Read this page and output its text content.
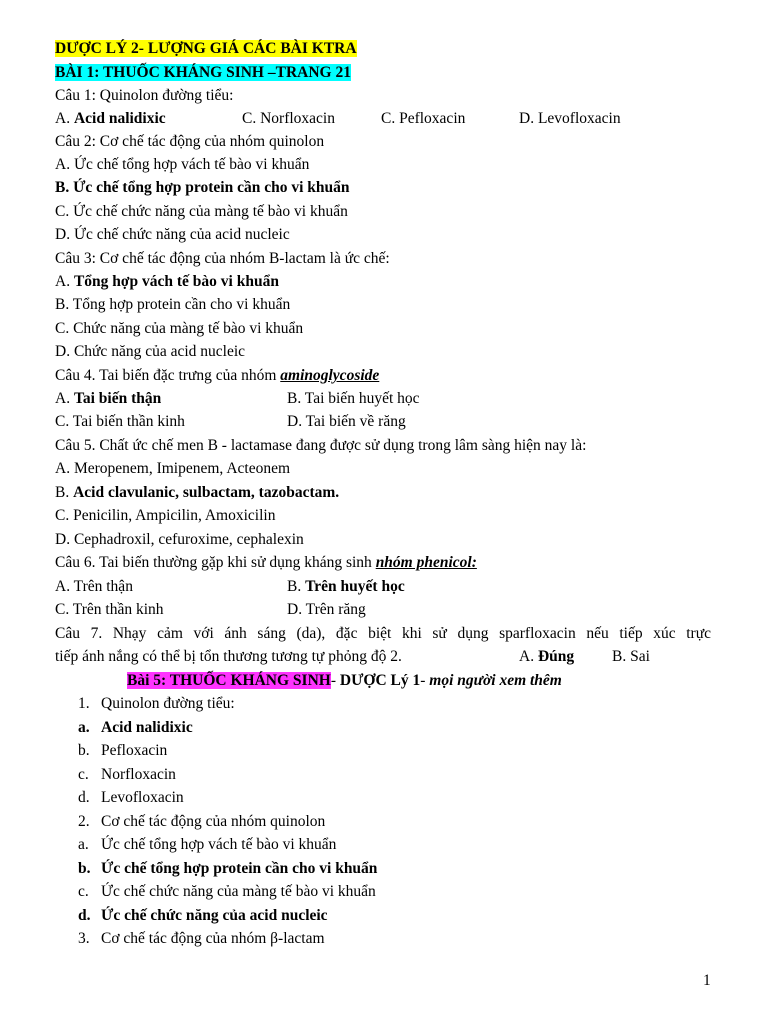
DƯỢC LÝ 2- LƯỢNG GIÁ CÁC BÀI KTRA
BÀI 1: THUỐC KHÁNG SINH –TRANG 21
Câu 1: Quinolon đường tiểu:
A. Acid nalidixic	C. Norfloxacin	C. Pefloxacin	D. Levofloxacin
Câu 2: Cơ chế tác động của nhóm quinolon
A. Ức chế tổng hợp vách tế bào vi khuẩn
B. Ức chế tổng hợp protein cần cho vi khuẩn
C. Ức chế chức năng của màng tế bào vi khuẩn
D. Ức chế chức năng của acid nucleic
Câu 3: Cơ chế tác động của nhóm B-lactam là ức chế:
A. Tổng hợp vách tế bào vi khuẩn
B. Tổng hợp protein cần cho vi khuẩn
C. Chức năng của màng tế bào vi khuẩn
D. Chức năng của acid nucleic
Câu 4. Tai biến đặc trưng của nhóm aminoglycoside
A. Tai biến thận	B. Tai biến huyết học
C. Tai biến thần kinh	D. Tai biến về răng
Câu 5. Chất ức chế men B - lactamase đang được sử dụng trong lâm sàng hiện nay là:
A. Meropenem, Imipenem, Acteonem
B. Acid clavulanic, sulbactam, tazobactam.
C. Penicilin, Ampicilin, Amoxicilin
D. Cephadroxil, cefuroxime, cephalexin
Câu 6. Tai biến thường gặp khi sử dụng kháng sinh nhóm phenicol:
A. Trên thận	B. Trên huyết học
C. Trên thần kinh	D. Trên răng
Câu 7. Nhạy cảm với ánh sáng (da), đặc biệt khi sử dụng sparfloxacin nếu tiếp xúc trực
tiếp ánh nắng có thể bị tổn thương tương tự phỏng độ 2.	A. Đúng B. Sai
Bài 5: THUỐC KHÁNG SINH- DƯỢC Lý 1- mọi người xem thêm
1. Quinolon đường tiểu:
a. Acid nalidixic
b. Pefloxacin
c. Norfloxacin
d. Levofloxacin
2. Cơ chế tác động của nhóm quinolon
a. Ức chế tổng hợp vách tế bào vi khuẩn
b. Ức chế tổng hợp protein cần cho vi khuẩn
c. Ức chế chức năng của màng tế bào vi khuẩn
d. Ức chế chức năng của acid nucleic
3. Cơ chế tác động của nhóm β-lactam
1
